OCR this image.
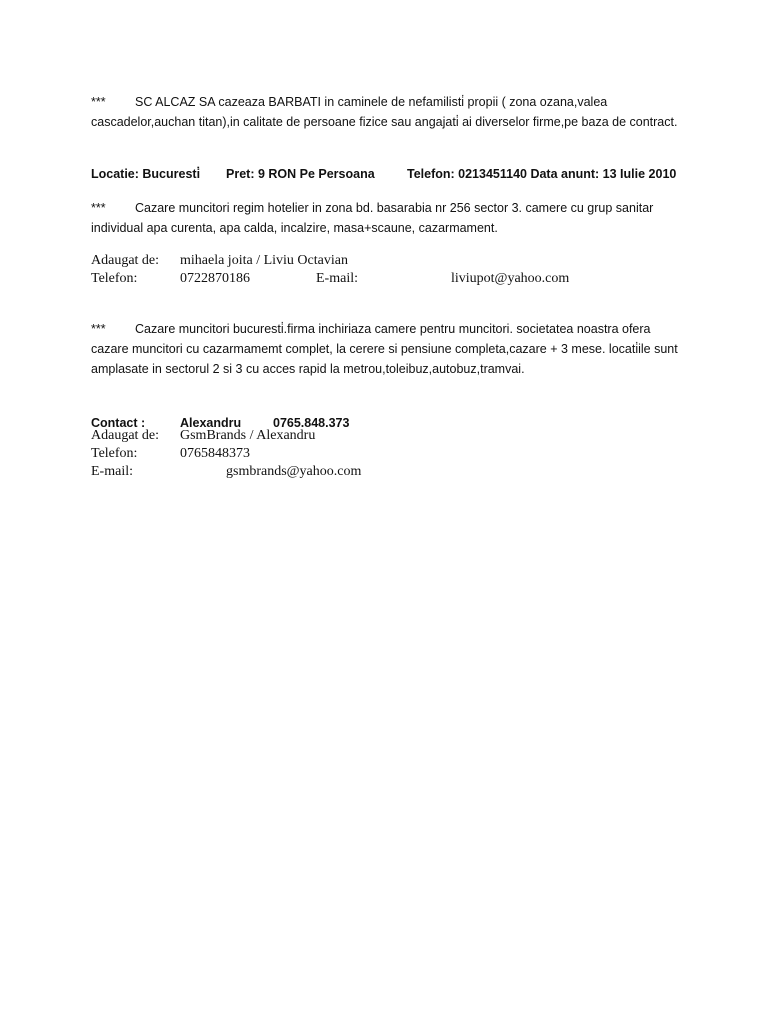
*** SC ALCAZ SA cazeaza BARBATI in caminele de nefamilisti̇ propii ( zona ozana,valea cascadelor,auchan titan),in calitate de persoane fizice sau angajati̇ ai diverselor firme,pe baza de contract.
Locatie: Bucuresti̇ Pret: 9 RON Pe Persoana	Telefon: 0213451140 Data anunt: 13 Iulie 2010
*** Cazare muncitori regim hotelier in zona bd. basarabia nr 256 sector 3. camere cu grup sanitar individual apa curenta, apa calda, incalzire, masa+scaune, cazarmament.
Adaugat de: mihaela joita / Liviu Octavian
Telefon:	0722870186	E-mail:	liviupot@yahoo.com
*** Cazare muncitori bucuresti̇.firma inchiriaza camere pentru muncitori. societatea noastra ofera cazare muncitori cu cazarmamemt complet, la cerere si pensiune completa,cazare + 3 mese. locati̇ile sunt amplasate in sectorul 2 si 3 cu acces rapid la metrou,toleibuz,autobuz,tramvai.
Contact :	Alexandru	0765.848.373
Adaugat de: GsmBrands / Alexandru
Telefon:	0765848373
E-mail:	gsmbrands@yahoo.com
